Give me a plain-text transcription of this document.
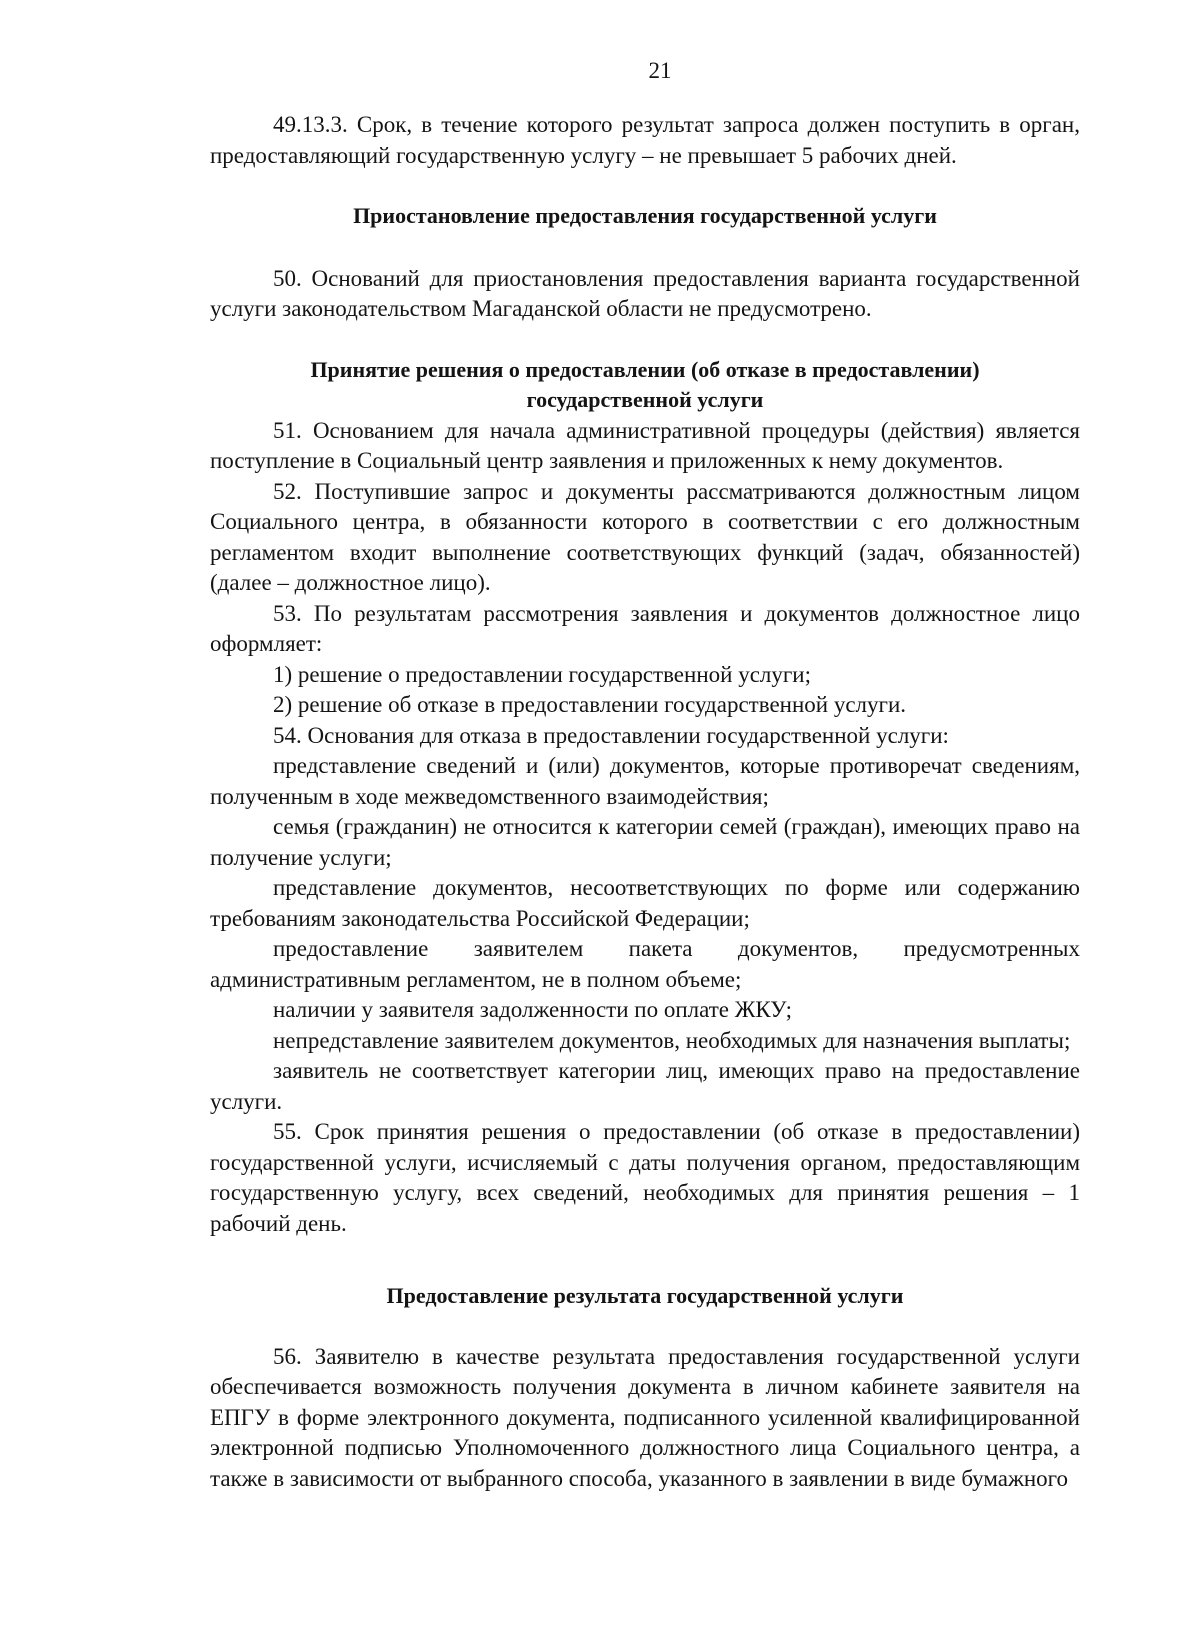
21

49.13.3. Срок, в течение которого результат запроса должен поступить в орган, предоставляющий государственную услугу – не превышает 5 рабочих дней.

Приостановление предоставления государственной услуги

50. Оснований для приостановления предоставления варианта государственной услуги законодательством Магаданской области не предусмотрено.

Принятие решения о предоставлении (об отказе в предоставлении)
государственной услуги

51. Основанием для начала административной процедуры (действия) является поступление в Социальный центр заявления и приложенных к нему документов.

52. Поступившие запрос и документы рассматриваются должностным лицом Социального центра, в обязанности которого в соответствии с его должностным регламентом входит выполнение соответствующих функций (задач, обязанностей) (далее – должностное лицо).

53. По результатам рассмотрения заявления и документов должностное лицо оформляет:

1) решение о предоставлении государственной услуги;

2) решение об отказе в предоставлении государственной услуги.

54. Основания для отказа в предоставлении государственной услуги:

представление сведений и (или) документов, которые противоречат сведениям, полученным в ходе межведомственного взаимодействия;

семья (гражданин) не относится к категории семей (граждан), имеющих право на получение услуги;

представление документов, несоответствующих по форме или содержанию требованиям законодательства Российской Федерации;

предоставление заявителем пакета документов, предусмотренных административным регламентом, не в полном объеме;

наличии у заявителя задолженности по оплате ЖКУ;

непредставление заявителем документов, необходимых для назначения выплаты;

заявитель не соответствует категории лиц, имеющих право на предоставление услуги.

55. Срок принятия решения о предоставлении (об отказе в предоставлении) государственной услуги, исчисляемый с даты получения органом, предоставляющим государственную услугу, всех сведений, необходимых для принятия решения – 1 рабочий день.

Предоставление результата государственной услуги

56. Заявителю в качестве результата предоставления государственной услуги обеспечивается возможность получения документа в личном кабинете заявителя на ЕПГУ в форме электронного документа, подписанного усиленной квалифицированной электронной подписью Уполномоченного должностного лица Социального центра, а также в зависимости от выбранного способа, указанного в заявлении в виде бумажного
